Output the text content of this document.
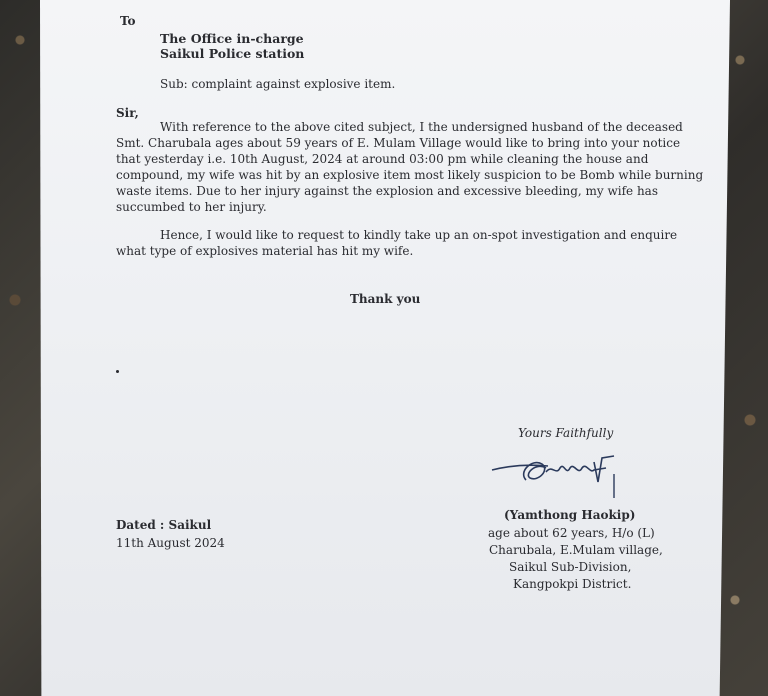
To
The Office in-charge
Saikul Police station
Sub: complaint against explosive item.
Sir,
With reference to the above cited subject, I the undersigned husband of the deceased
Smt. Charubala ages about 59 years of E. Mulam Village would like to bring into your notice
that yesterday i.e. 10th August, 2024 at around 03:00 pm while cleaning the house and
compound, my wife was hit by an explosive item most likely suspicion to be Bomb while burning
waste items. Due to her injury against the explosion and excessive bleeding, my wife has
succumbed to her injury.
Hence, I would like to request to kindly take up an on-spot investigation and enquire
what type of explosives material has hit my wife.
Thank you
Yours Faithfully
(Yamthong Haokip)
age about 62 years, H/o (L)
Charubala, E.Mulam village,
Saikul Sub-Division,
Kangpokpi District.
Dated : Saikul
11th August 2024
